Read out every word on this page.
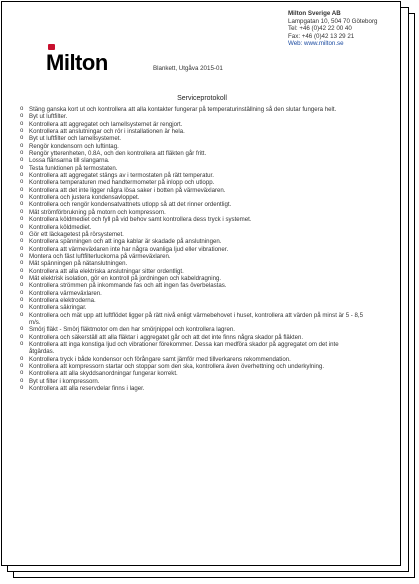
Milton
Milton Sverige AB
Lampgatan 10, 504 70 Göteborg
Tel: +46 (0)42 22 00 40
Fax: +46 (0)42 13 29 21
Web: www.milton.se
Blankett, Utgåva 2015-01
Serviceprotokoll
o Stäng ganska kort ut och kontrollera att alla kontakter fungerar på temperaturinställning så den slutar fungera helt.
o Byt ut luftfilter.
o Kontrollera att aggregatet och lamellsystemet är rengjort.
o Kontrollera att anslutningar och rör i installationen är hela.
o Byt ut luftfilter och lamellsystemet.
o Rengör kondensorn och luftintag.
o Rengör ytterenheten, 0.8A, och den kontrollera att fläkten går fritt.
o Lossa flänsarna till slangarna.
o Testa funktionen på termostaten.
o Kontrollera att aggregatet stängs av i termostaten på rätt temperatur.
o Kontrollera temperaturen med handtermometer på inlopp och utlopp.
o Kontrollera att det inte ligger några lösa saker i botten på värmeväxlaren.
o Kontrollera och justera kondensavloppet.
o Kontrollera och rengör kondensatvattnets utlopp så att det rinner ordentligt.
o Mät strömförbrukning på motorn och kompressorn.
o Kontrollera köldmediet och fyll på vid behov samt kontrollera dess tryck i systemet.
o Kontrollera köldmediet.
o Gör ett läckagetest på rörsystemet.
o Kontrollera spänningen och att inga kablar är skadade på anslutningen.
o Kontrollera att värmeväxlaren inte har några ovanliga ljud eller vibrationer.
o Montera och fäst luftfilterluckorna på värmeväxlaren.
o Mät spänningen på nätanslutningen.
o Kontrollera att alla elektriska anslutningar sitter ordentligt.
o Mät elektrisk isolation, gör en kontroll på jordningen och kabeldragning.
o Kontrollera strömmen på inkommande fas och att ingen fas överbelastas.
o Kontrollera värmeväxlaren.
o Kontrollera elektroderna.
o Kontrollera säkringar.
o Kontrollera och mät upp att luftflödet ligger på rätt nivå enligt värmebehovet i huset, kontrollera att värden på minst är 5 - 8,5 m/s.
o Smörj fläkt - Smörj fläktmotor om den har smörjnippel och kontrollera lagren.
o Kontrollera och säkerställ att alla fläktar i aggregatet går och att det inte finns några skador på fläkten.
o Kontrollera att inga konstiga ljud och vibrationer förekommer. Dessa kan medföra skador på aggregatet om det inte åtgärdas.
o Kontrollera tryck i både kondensor och förångare samt jämför med tillverkarens rekommendation.
o Kontrollera att kompressorn startar och stoppar som den ska, kontrollera även överhettning och underkylning.
o Kontrollera att alla skyddsanordningar fungerar korrekt.
o Byt ut filter i kompressorn.
o Kontrollera att alla reservdelar finns i lager.
